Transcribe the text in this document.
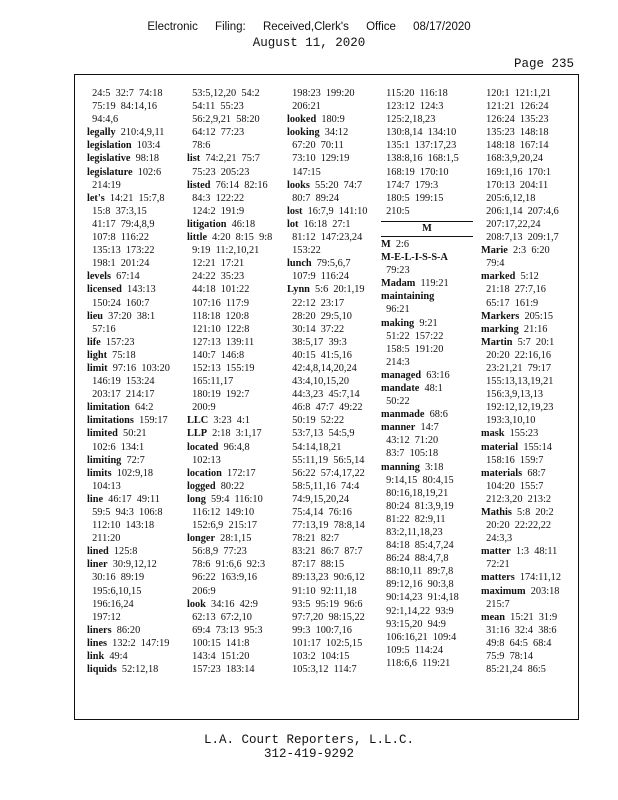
Electronic Filing: Received,Clerk's Office 08/17/2020
August 11, 2020
Page 235
24:5  32:7  74:18
75:19  84:14,16
94:4,6
legally  210:4,9,11
legislation  103:4
legislative  98:18
legislature  102:6
214:19
let's  14:21  15:7,8
15:8  37:3,15
41:17  79:4,8,9
107:8  116:22
135:13  173:22
198:1  201:24
levels  67:14
licensed  143:13
150:24  160:7
lieu  37:20  38:1
57:16
life  157:23
light  75:18
limit  97:16  103:20
146:19  153:24
203:17  214:17
limitation  64:2
limitations  159:17
limited  50:21
102:6  134:1
limiting  72:7
limits  102:9,18
104:13
line  46:17  49:11
59:5  94:3  106:8
112:10  143:18
211:20
lined  125:8
liner  30:9,12,12
30:16  89:19
195:6,10,15
196:16,24
197:12
liners  86:20
lines  132:2  147:19
link  49:4
liquids  52:12,18
53:5,12,20  54:2
54:11  55:23
56:2,9,21  58:20
64:12  77:23
78:6
list  74:2,21  75:7
75:23  205:23
listed  76:14  82:16
84:3  122:22
124:2  191:9
litigation  46:18
little  4:20  8:15  9:8
9:19  11:2,10,21
12:21  17:21
24:22  35:23
44:18  101:22
107:16  117:9
118:18  120:8
121:10  122:8
127:13  139:11
140:7  146:8
152:13  155:19
165:11,17
180:19  192:7
200:9
LLC  3:23  4:1
LLP  2:18  3:1,17
located  96:4,8
102:13
location  172:17
logged  80:22
long  59:4  116:10
116:12  149:10
152:6,9  215:17
longer  28:1,15
56:8,9  77:23
78:6  91:6,6  92:3
96:22  163:9,16
206:9
look  34:16  42:9
62:13  67:2,10
69:4  73:13  95:3
100:15  141:8
143:4  151:20
157:23  183:14
198:23  199:20
206:21
looked  180:9
looking  34:12
67:20  70:11
73:10  129:19
147:15
looks  55:20  74:7
80:7  89:24
lost  16:7,9  141:10
lot  16:18  27:1
81:12  147:23,24
153:22
lunch  79:5,6,7
107:9  116:24
Lynn  5:6  20:1,19
22:12  23:17
28:20  29:5,10
30:14  37:22
38:5,17  39:3
40:15  41:5,16
42:4,8,14,20,24
43:4,10,15,20
44:3,23  45:7,14
46:8  47:7  49:22
50:19  52:22
53:7,13  54:5,9
54:14,18,21
55:11,19  56:5,14
56:22  57:4,17,22
58:5,11,16  74:4
74:9,15,20,24
75:4,14  76:16
77:13,19  78:8,14
78:21  82:7
83:21  86:7  87:7
87:17  88:15
89:13,23  90:6,12
91:10  92:11,18
93:5  95:19  96:6
97:7,20  98:15,22
99:3  100:7,16
101:17  102:5,15
103:2  104:15
105:3,12  114:7
115:20  116:18
123:12  124:3
125:2,18,23
130:8,14  134:10
135:1  137:17,23
138:8,16  168:1,5
168:19  170:10
174:7  179:3
180:5  199:15
210:5
M
M  2:6
M-E-L-I-S-S-A
79:23
Madam  119:21
maintaining
96:21
making  9:21
51:22  157:22
158:5  191:20
214:3
managed  63:16
mandate  48:1
50:22
manmade  68:6
manner  14:7
43:12  71:20
83:7  105:18
manning  3:18
9:14,15  80:4,15
80:16,18,19,21
80:24  81:3,9,19
81:22  82:9,11
83:2,11,18,23
84:18  85:4,7,24
86:24  88:4,7,8
88:10,11  89:7,8
89:12,16  90:3,8
90:14,23  91:4,18
92:1,14,22  93:9
93:15,20  94:9
106:16,21  109:4
109:5  114:24
118:6,6  119:21
120:1  121:1,21
121:21  126:24
126:24  135:23
135:23  148:18
148:18  167:14
168:3,9,20,24
169:1,16  170:1
170:13  204:11
205:6,12,18
206:1,14  207:4,6
207:17,22,24
208:7,13  209:1,7
Marie  2:3  6:20
79:4
marked  5:12
21:18  27:7,16
65:17  161:9
Markers  205:15
marking  21:16
Martin  5:7  20:1
20:20  22:16,16
23:21,21  79:17
155:13,13,19,21
156:3,9,13,13
192:12,12,19,23
193:3,10,10
mask  155:23
material  155:14
158:16  159:7
materials  68:7
104:20  155:7
212:3,20  213:2
Mathis  5:8  20:2
20:20  22:22,22
24:3,3
matter  1:3  48:11
72:21
matters  174:11,12
maximum  203:18
215:7
mean  15:21  31:9
31:16  32:4  38:6
49:8  64:5  68:4
75:9  78:14
85:21,24  86:5
L.A. Court Reporters, L.L.C.
312-419-9292
